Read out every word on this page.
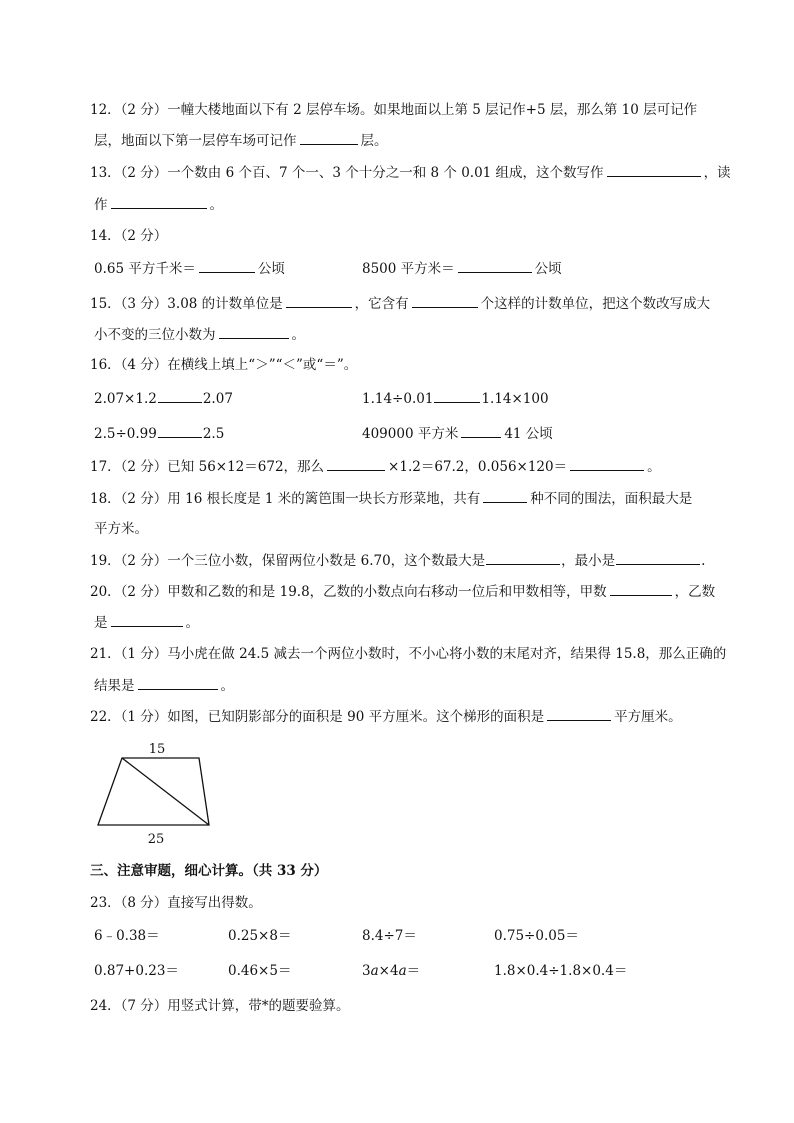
12．（2 分）一幢大楼地面以下有 2 层停车场。如果地面以上第 5 层记作+5 层，那么第 10 层可记作
层，地面以下第一层停车场可记作	层。
13．（2 分）一个数由 6 个百、7 个一、3 个十分之一和 8 个 0.01 组成，这个数写作	，读
作	。
14．（2 分）
0.65 平方千米＝	公顷	8500 平方米＝	公顷
15．（3 分）3.08 的计数单位是	，它含有	个这样的计数单位，把这个数改写成大
小不变的三位小数为	。
16．（4 分）在横线上填上“＞”“＜”或“＝”。
2.07×1.2	2.07	1.14÷0.01	1.14×100
2.5÷0.99	2.5	409000 平方米	41 公顷
17．（2 分）已知 56×12＝672，那么	×1.2＝67.2，0.056×120＝	。
18．（2 分）用 16 根长度是 1 米的篱笆围一块长方形菜地，共有	种不同的围法，面积最大是
平方米。
19．（2 分）一个三位小数，保留两位小数是 6.70，这个数最大是	，最小是	.
20．（2 分）甲数和乙数的和是 19.8，乙数的小数点向右移动一位后和甲数相等，甲数	，乙数
是	。
21．（1 分）马小虎在做 24.5 减去一个两位小数时，不小心将小数的末尾对齐，结果得 15.8，那么正确的
结果是	。
22．（1 分）如图，已知阴影部分的面积是 90 平方厘米。这个梯形的面积是	平方厘米。
15
25
三、注意审题，细心计算。（共 33 分）
23．（8 分）直接写出得数。
6﹣0.38＝	0.25×8＝	8.4÷7＝	0.75÷0.05＝
0.87+0.23＝	0.46×5＝	3a×4a＝	1.8×0.4÷1.8×0.4＝
24．（7 分）用竖式计算，带*的题要验算。
